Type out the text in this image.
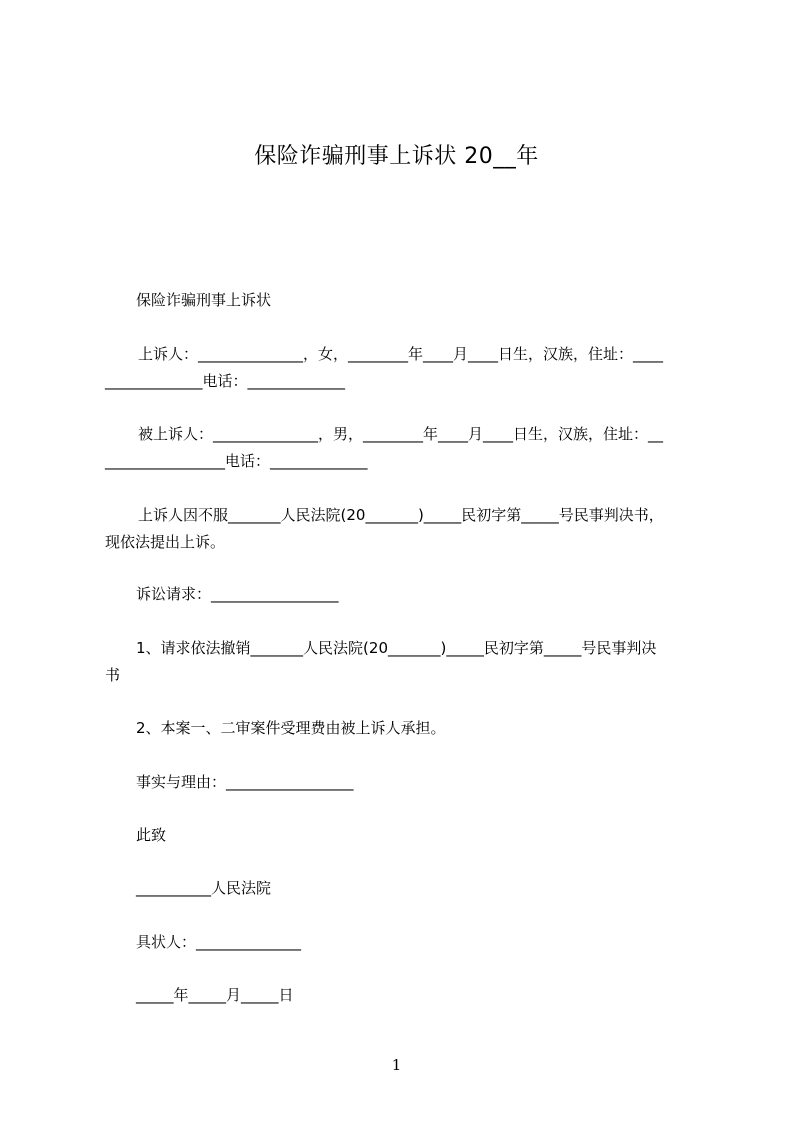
保险诈骗刑事上诉状 20__年
保险诈骗刑事上诉状
上诉人：______________，女，________年____月____日生，汉族，住址：____
_____________电话：_____________
被上诉人：______________，男，________年____月____日生，汉族，住址：__
________________电话：_____________
上诉人因不服_______人民法院(20_______)_____民初字第_____号民事判决书，
现依法提出上诉。
诉讼请求：_________________
1、请求依法撤销_______人民法院(20_______)_____民初字第_____号民事判决
书
2、本案一、二审案件受理费由被上诉人承担。
事实与理由：_________________
此致
__________人民法院
具状人：______________
_____年_____月_____日
1
